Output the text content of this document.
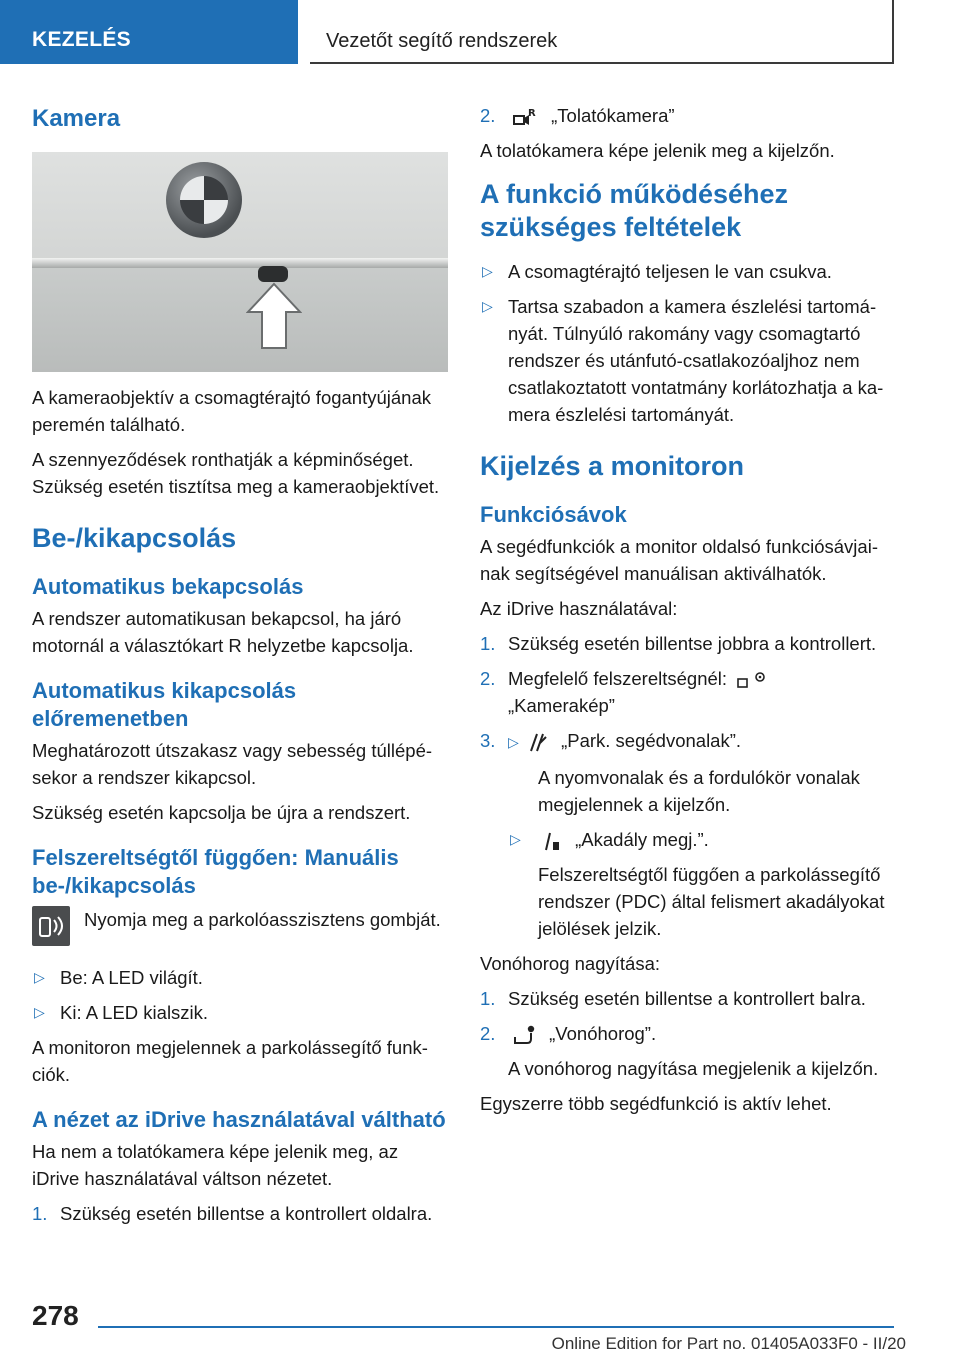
KEZELÉS	Vezetőt segítő rendszerek
Kamera

A kameraobjektív a csomagtérajtó fogantyújának peremén található.

A szennyeződések ronthatják a képminőséget. Szükség esetén tisztítsa meg a kameraobjektívet.

Be-/kikapcsolás
Automatikus bekapcsolás

A rendszer automatikusan bekapcsol, ha járó motornál a választókart R helyzetbe kapcsolja.

Automatikus kikapcsolás előremenetben

Meghatározott útszakasz vagy sebesség túllépésekor a rendszer kikapcsol.

Szükség esetén kapcsolja be újra a rendszert.

Felszereltségtől függően: Manuális be-/kikapcsolás
Nyomja meg a parkolóasszisztens gombját.
▷ Be: A LED világít.
▷ Ki: A LED kialszik.

A monitoron megjelennek a parkolássegítő funkciók.

A nézet az iDrive használatával váltható

Ha nem a tolatókamera képe jelenik meg, az iDrive használatával váltson nézetet.

1. Szükség esetén billentse a kontrollert oldalra.
2.	R „Tolatókamera”

A tolatókamera képe jelenik meg a kijelzőn.

A funkció működéséhez szükséges feltételek
▷ A csomagtérajtó teljesen le van csukva.
▷ Tartsa szabadon a kamera észlelési tartományát. Túlnyúló rakomány vagy csomagtartó rendszer és utánfutó-csatlakozóaljhoz nem csatlakoztatott vontatmány korlátozhatja a kamera észlelési tartományát.
Kijelzés a monitoron
Funkciósávok

A segédfunkciók a monitor oldalsó funkciósávjainak segítségével manuálisan aktiválhatók.

Az iDrive használatával:

1. Szükség esetén billentse jobbra a kontrollert.
2. Megfelelő felszereltségnél:
„Kamerakép”
3. ▷ „Park. segédvonalak”.

A nyomvonalak és a fordulókör vonalak megjelennek a kijelzőn.

▷	„Akadály megj.”.

Felszereltségtől függően a parkolássegítő rendszer (PDC) által felismert akadályokat jelölések jelzik.

Vonóhorog nagyítása:

1. Szükség esetén billentse a kontrollert balra.
2.	„Vonóhorog”.

A vonóhorog nagyítása megjelenik a kijelzőn.

Egyszerre több segédfunkció is aktív lehet.

278
Online Edition for Part no. 01405A033F0 - II/20
